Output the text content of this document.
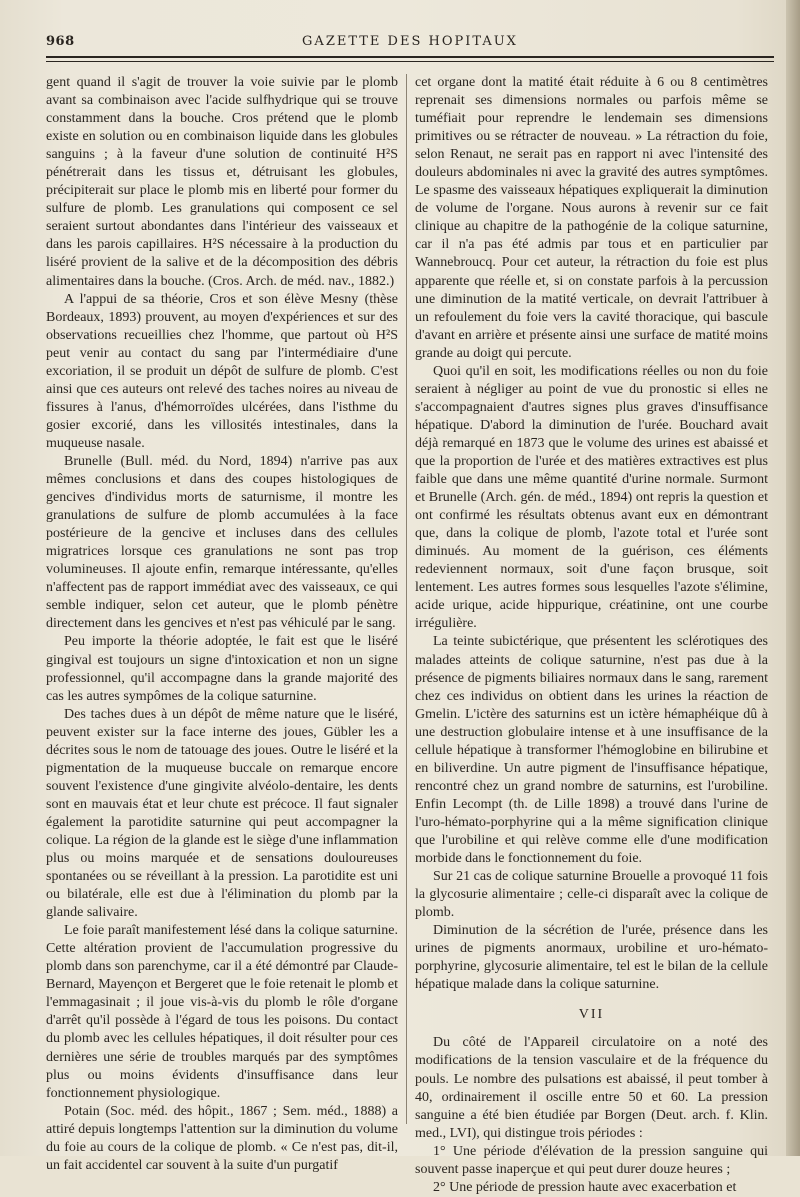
968	GAZETTE DES HOPITAUX

gent quand il s'agit de trouver la voie suivie par le plomb avant sa combinaison avec l'acide sulfhydrique qui se trouve constamment dans la bouche. Cros prétend que le plomb existe en solution ou en combinaison liquide dans les globules sanguins ; à la faveur d'une solution de continuité H²S pénétrerait dans les tissus et, détruisant les globules, précipiterait sur place le plomb mis en liberté pour former du sulfure de plomb. Les granulations qui composent ce sel seraient surtout abondantes dans l'intérieur des vaisseaux et dans les parois capillaires. H²S nécessaire à la production du liséré provient de la salive et de la décomposition des débris alimentaires dans la bouche. (Cros. Arch. de méd. nav., 1882.)

A l'appui de sa théorie, Cros et son élève Mesny (thèse Bordeaux, 1893) prouvent, au moyen d'expériences et sur des observations recueillies chez l'homme, que partout où H²S peut venir au contact du sang par l'intermédiaire d'une excoriation, il se produit un dépôt de sulfure de plomb. C'est ainsi que ces auteurs ont relevé des taches noires au niveau de fissures à l'anus, d'hémorroïdes ulcérées, dans l'isthme du gosier excorié, dans les villosités intestinales, dans la muqueuse nasale.

Brunelle (Bull. méd. du Nord, 1894) n'arrive pas aux mêmes conclusions et dans des coupes histologiques de gencives d'individus morts de saturnisme, il montre les granulations de sulfure de plomb accumulées à la face postérieure de la gencive et incluses dans des cellules migratrices lorsque ces granulations ne sont pas trop volumineuses. Il ajoute enfin, remarque intéressante, qu'elles n'affectent pas de rapport immédiat avec des vaisseaux, ce qui semble indiquer, selon cet auteur, que le plomb pénètre directement dans les gencives et n'est pas véhiculé par le sang.

Peu importe la théorie adoptée, le fait est que le liséré gingival est toujours un signe d'intoxication et non un signe professionnel, qu'il accompagne dans la grande majorité des cas les autres sympômes de la colique saturnine.

Des taches dues à un dépôt de même nature que le liséré, peuvent exister sur la face interne des joues, Gübler les a décrites sous le nom de tatouage des joues. Outre le liséré et la pigmentation de la muqueuse buccale on remarque encore souvent l'existence d'une gingivite alvéolo-dentaire, les dents sont en mauvais état et leur chute est précoce. Il faut signaler également la parotidite saturnine qui peut accompagner la colique. La région de la glande est le siège d'une inflammation plus ou moins marquée et de sensations douloureuses spontanées ou se réveillant à la pression. La parotidite est uni ou bilatérale, elle est due à l'élimination du plomb par la glande salivaire.

Le foie paraît manifestement lésé dans la colique saturnine. Cette altération provient de l'accumulation progressive du plomb dans son parenchyme, car il a été démontré par Claude-Bernard, Mayençon et Bergeret que le foie retenait le plomb et l'emmagasinait ; il joue vis-à-vis du plomb le rôle d'organe d'arrêt qu'il possède à l'égard de tous les poisons. Du contact du plomb avec les cellules hépatiques, il doit résulter pour ces dernières une série de troubles marqués par des symptômes plus ou moins évidents d'insuffisance dans leur fonctionnement physiologique.

Potain (Soc. méd. des hôpit., 1867 ; Sem. méd., 1888) a attiré depuis longtemps l'attention sur la diminution du volume du foie au cours de la colique de plomb. « Ce n'est pas, dit-il, un fait accidentel car souvent à la suite d'un purgatif

cet organe dont la matité était réduite à 6 ou 8 centimètres reprenait ses dimensions normales ou parfois même se tuméfiait pour reprendre le lendemain ses dimensions primitives ou se rétracter de nouveau. » La rétraction du foie, selon Renaut, ne serait pas en rapport ni avec l'intensité des douleurs abdominales ni avec la gravité des autres symptômes. Le spasme des vaisseaux hépatiques expliquerait la diminution de volume de l'organe. Nous aurons à revenir sur ce fait clinique au chapitre de la pathogénie de la colique saturnine, car il n'a pas été admis par tous et en particulier par Wannebroucq. Pour cet auteur, la rétraction du foie est plus apparente que réelle et, si on constate parfois à la percussion une diminution de la matité verticale, on devrait l'attribuer à un refoulement du foie vers la cavité thoracique, qui bascule d'avant en arrière et présente ainsi une surface de matité moins grande au doigt qui percute.

Quoi qu'il en soit, les modifications réelles ou non du foie seraient à négliger au point de vue du pronostic si elles ne s'accompagnaient d'autres signes plus graves d'insuffisance hépatique. D'abord la diminution de l'urée. Bouchard avait déjà remarqué en 1873 que le volume des urines est abaissé et que la proportion de l'urée et des matières extractives est plus faible que dans une même quantité d'urine normale. Surmont et Brunelle (Arch. gén. de méd., 1894) ont repris la question et ont confirmé les résultats obtenus avant eux en démontrant que, dans la colique de plomb, l'azote total et l'urée sont diminués. Au moment de la guérison, ces éléments redeviennent normaux, soit d'une façon brusque, soit lentement. Les autres formes sous lesquelles l'azote s'élimine, acide urique, acide hippurique, créatinine, ont une courbe irrégulière.

La teinte subictérique, que présentent les sclérotiques des malades atteints de colique saturnine, n'est pas due à la présence de pigments biliaires normaux dans le sang, rarement chez ces individus on obtient dans les urines la réaction de Gmelin. L'ictère des saturnins est un ictère hémaphéique dû à une destruction globulaire intense et à une insuffisance de la cellule hépatique à transformer l'hémoglobine en bilirubine et en biliverdine. Un autre pigment de l'insuffisance hépatique, rencontré chez un grand nombre de saturnins, est l'urobiline. Enfin Lecompt (th. de Lille 1898) a trouvé dans l'urine de l'uro-hémato-porphyrine qui a la même signification clinique que l'urobiline et qui relève comme elle d'une modification morbide dans le fonctionnement du foie.

Sur 21 cas de colique saturnine Brouelle a provoqué 11 fois la glycosurie alimentaire ; celle-ci disparaît avec la colique de plomb.

Diminution de la sécrétion de l'urée, présence dans les urines de pigments anormaux, urobiline et uro-hémato-porphyrine, glycosurie alimentaire, tel est le bilan de la cellule hépatique malade dans la colique saturnine.

VII

Du côté de l'Appareil circulatoire on a noté des modifications de la tension vasculaire et de la fréquence du pouls. Le nombre des pulsations est abaissé, il peut tomber à 40, ordinairement il oscille entre 50 et 60. La pression sanguine a été bien étudiée par Borgen (Deut. arch. f. Klin. med., LVI), qui distingue trois périodes :

1° Une période d'élévation de la pression sanguine qui souvent passe inaperçue et qui peut durer douze heures ;

2° Une période de pression haute avec exacerbation et
